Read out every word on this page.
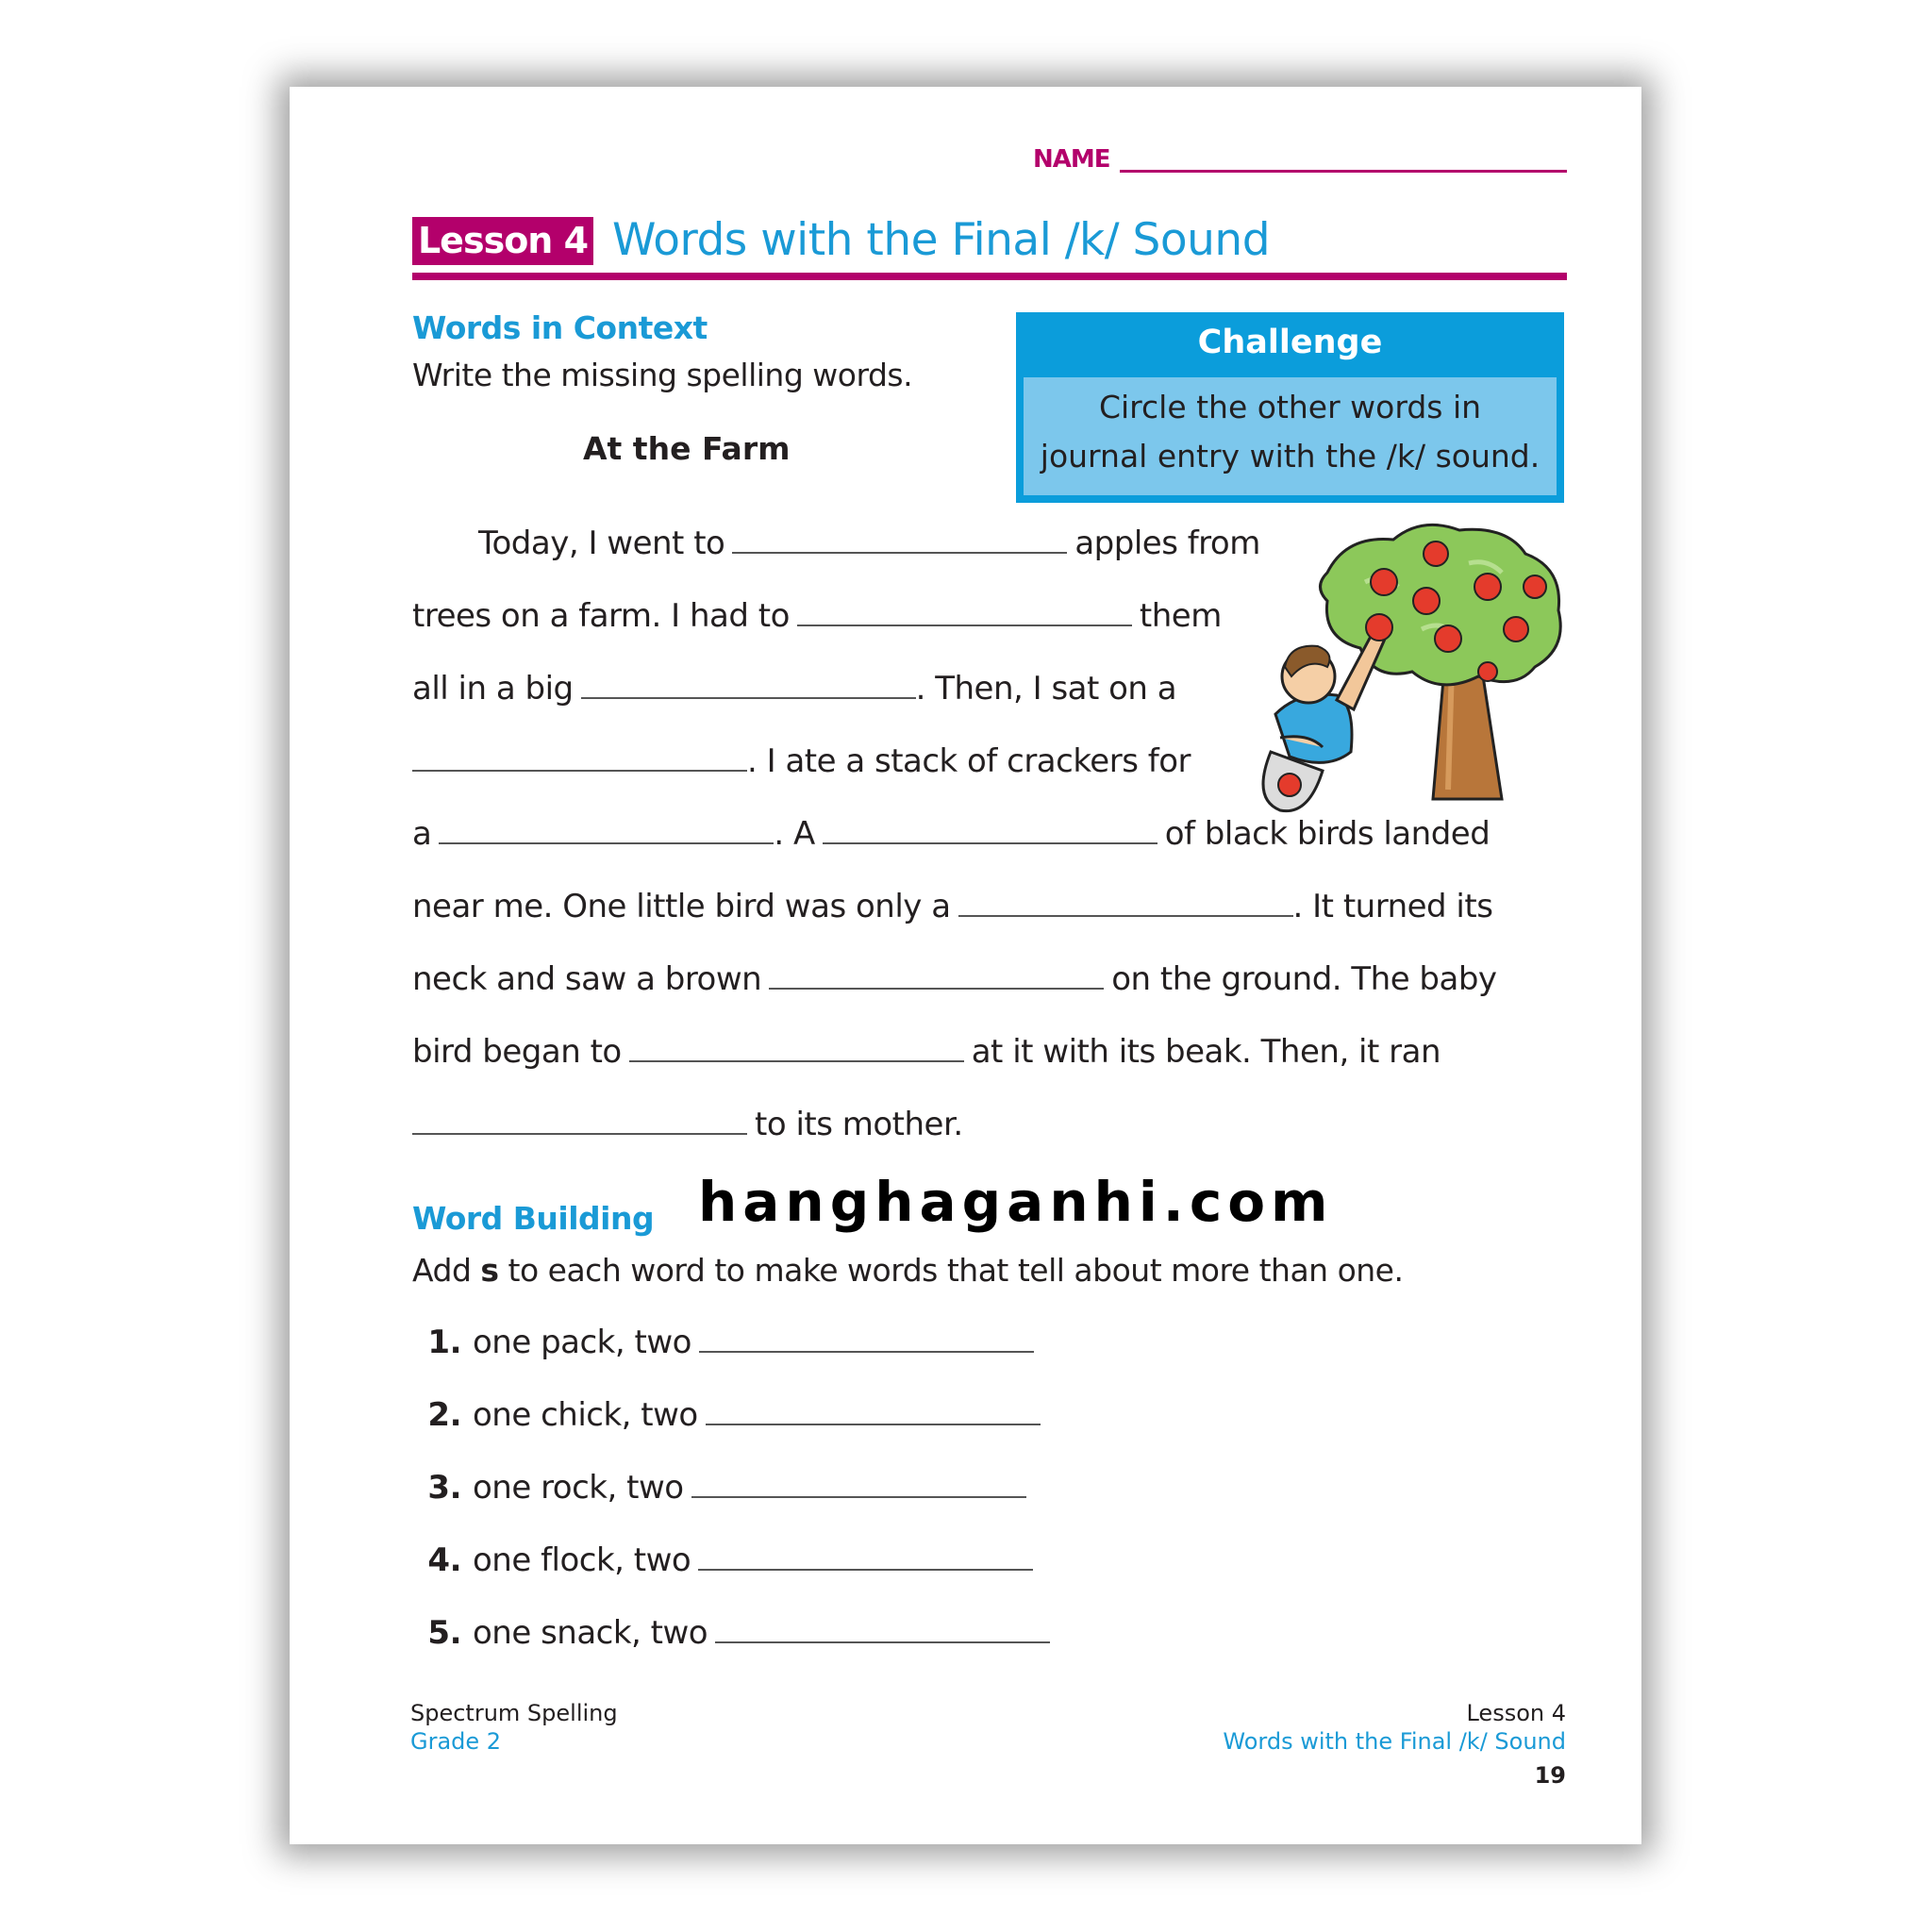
NAME
Lesson 4 Words with the Final /k/ Sound
Words in Context
Write the missing spelling words.
At the Farm
Challenge
Circle the other words in
journal entry with the /k/ sound.
Today, I went to	apples from
trees on a farm. I had to	them
all in a big	. Then, I sat on a
. I ate a stack of crackers for
a	. A	of black birds landed
near me. One little bird was only a	. It turned its
neck and saw a brown	on the ground. The baby
bird began to	at it with its beak. Then, it ran
to its mother.
Word Building hanghaganhi.com
Add s to each word to make words that tell about more than one.
1. one pack, two
2. one chick, two
3. one rock, two
4. one flock, two
5. one snack, two
Spectrum Spelling
Grade 2
Lesson 4
Words with the Final /k/ Sound
19
